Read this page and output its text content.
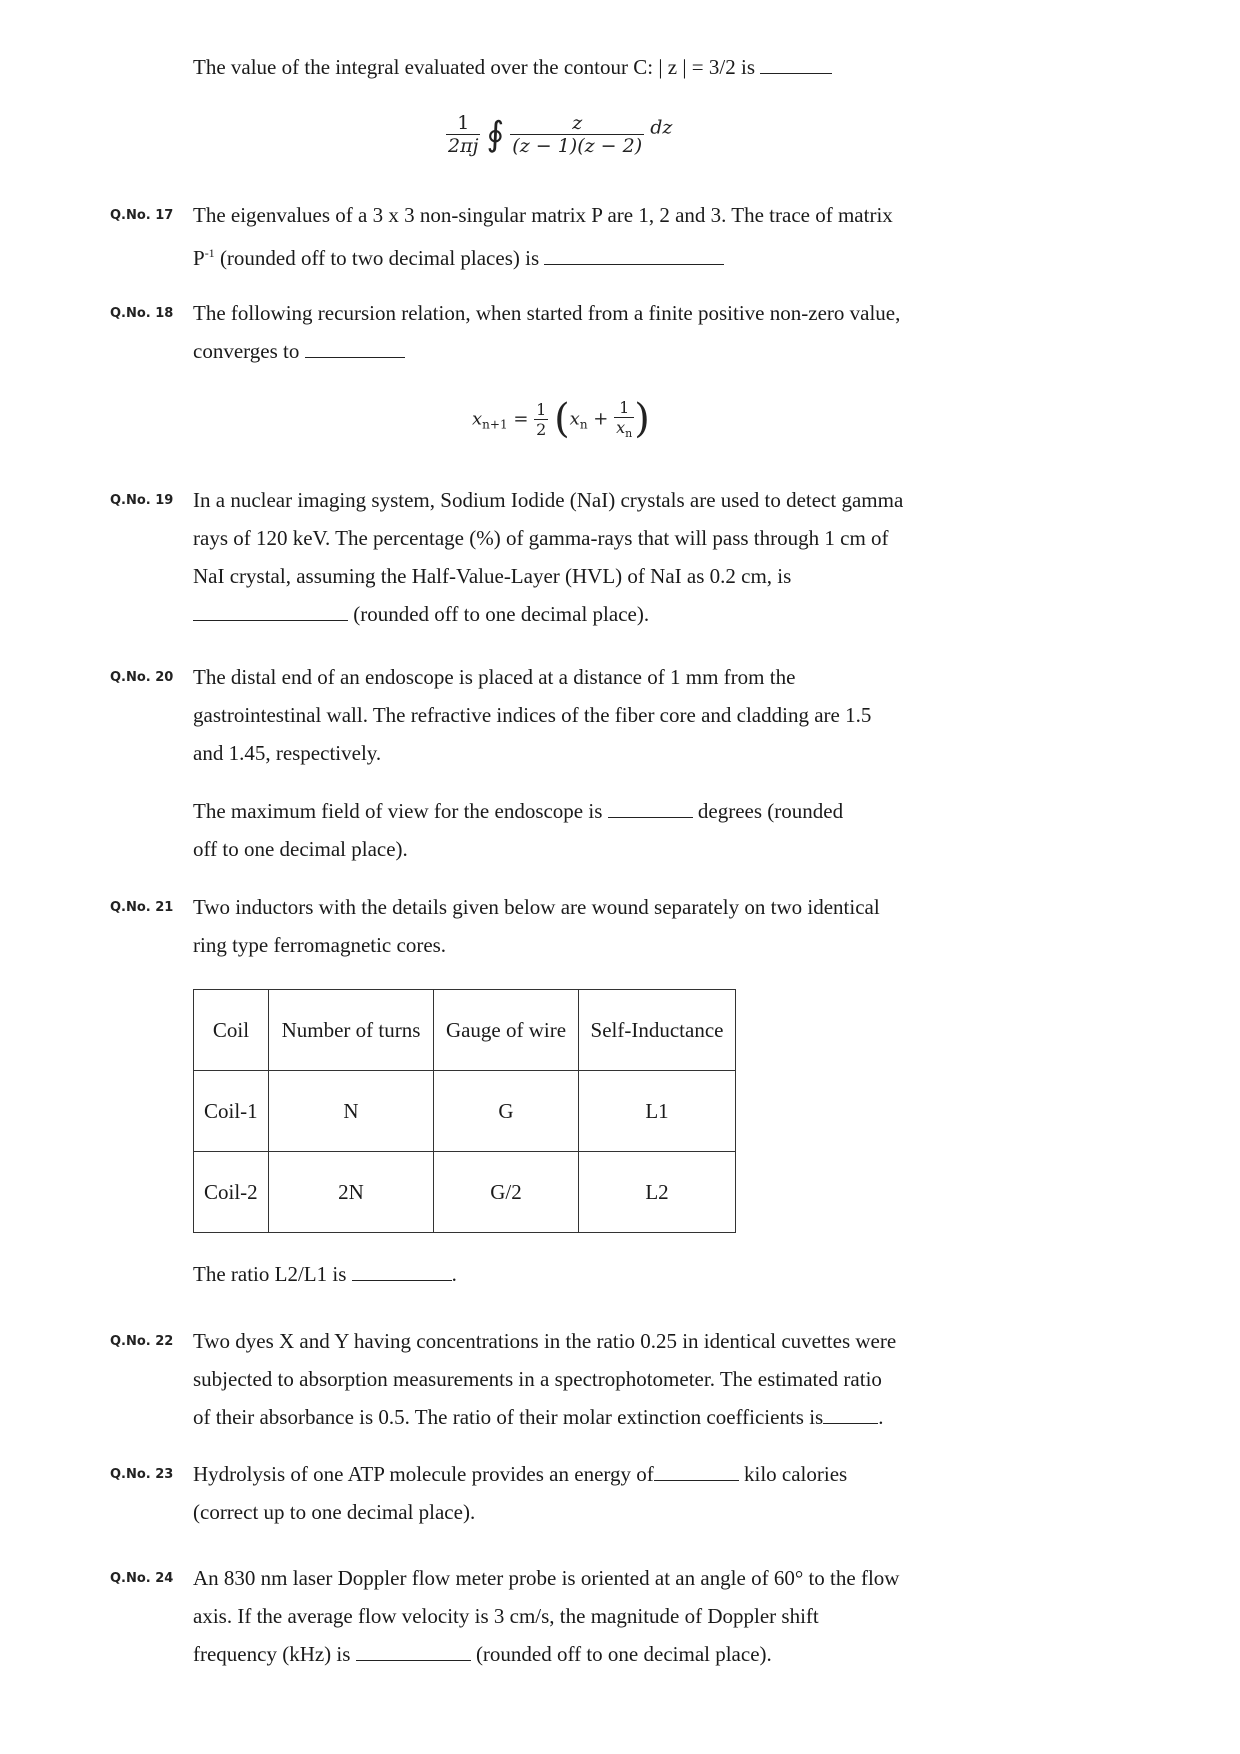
The value of the integral evaluated over the contour C: | z | = 3/2 is
$\frac{1}{2\pi j}$ ∮ $\frac{z}{(z - 1)(z - 2)}$ dz
Q.No. 17 The eigenvalues of a 3 x 3 non-singular matrix P are 1, 2 and 3. The trace of matrix
$P^{-1}$ (rounded off to two decimal places) is
Q.No. 18 The following recursion relation, when started from a finite positive non-zero value,
converges to
$x_{n+1} = \frac{1}{2} (x_n + \frac{1}{x_n}$ )
Q.No. 19 In a nuclear imaging system, Sodium Iodide (NaI) crystals are used to detect gamma
rays of 120 keV. The percentage (%) of gamma-rays that will pass through 1 cm of
NaI crystal, assuming the Half-Value-Layer (HVL) of NaI as 0.2 cm, is
(rounded off to one decimal place).
Q.No. 20 The distal end of an endoscope is placed at a distance of 1 mm from the
gastrointestinal wall. The refractive indices of the fiber core and cladding are 1.5
and 1.45, respectively.
The maximum field of view for the endoscope is	degrees (rounded
off to one decimal place).
Q.No. 21 Two inductors with the details given below are wound separately on two identical
ring type ferromagnetic cores.
Coil	Number of turns	Gauge of wire	Self-Inductance
Coil-1	N	G	L1
Coil-2	2N	G/2	L2
The ratio L2/L1 is	.
Q.No. 22 Two dyes X and Y having concentrations in the ratio 0.25 in identical cuvettes were
subjected to absorption measurements in a spectrophotometer. The estimated ratio
of their absorbance is 0.5. The ratio of their molar extinction coefficients is	.
Q.No. 23 Hydrolysis of one ATP molecule provides an energy of	kilo calories
(correct up to one decimal place).
Q.No. 24 An 830 nm laser Doppler flow meter probe is oriented at an angle of 60° to the flow
axis. If the average flow velocity is 3 cm/s, the magnitude of Doppler shift
frequency (kHz) is	(rounded off to one decimal place).
